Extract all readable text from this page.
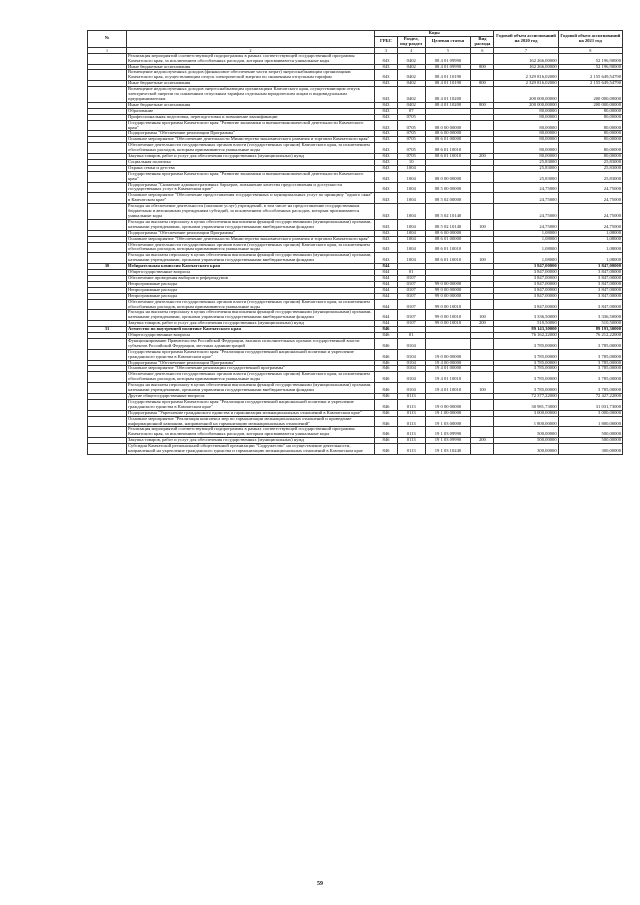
№		Коды				Годовой объем ассигнований на 2020 год	Годовой объем ассигнований на 2021 год
		ГРБС	Раздел, под-раздел	Целевая статья	Вид расхода		
1	2	3	4	5	6	7	8
	Реализация мероприятий соответствующей подпрограммы в рамках соответствующей государственной программы Камчатского края, за исключением обособленных расходов, которым присваиваются уникальные коды	843	0402	08 4 01 09990		162 266,00000	52 196,90000
	Иные бюджетные ассигнования	843	0402	08 4 01 09990	800	162 266,00000	52 196,90000
	Возмещение недополученных доходов (финансовое обеспечение части затрат) энергоснабжающим организациям Камчатского края, осуществляющим отпуск электрической энергии по сниженным отпускным тарифам	843	0402	08 4 01 10190		2 329 816,02000	2 155 649,54790
	Иные бюджетные ассигнования	843	0402	08 4 01 10190	800	2 329 816,02000	2 155 649,54790
	Возмещение недополученных доходов энергоснабжающим организациям Камчатского края, осуществляющим отпуск электрической энергии по сниженным отпускным тарифам отдельным юридическим лицам и индивидуальным предпринимателям	843	0402	08 4 01 10200		200 000,00000	200 000,00000
	Иные бюджетные ассигнования	843	0402	08 4 01 10200	800	200 000,00000	200 000,00000
	Образование	843	07			80,00000	80,00000
	Профессиональная подготовка, переподготовка и повышение квалификации	843	0705			80,00000	80,00000
	Государственная программа Камчатского края "Развитие экономики и внешнеэкономической деятельности Камчатского края"	843	0705	08 0 00 00000		80,00000	80,00000
	Подпрограмма "Обеспечение реализации Программы"	843	0705	08 6 00 00000		80,00000	80,00000
	Основное мероприятие "Обеспечение деятельности Министерства экономического развития и торговли Камчатского края"	843	0705	08 6 01 00000		80,00000	80,00000
	Обеспечение деятельности государственных органов власти (государственных органов) Камчатского края, за исключением обособленных расходов, которым присваиваются уникальные коды	843	0705	08 6 01 10010		80,00000	80,00000
	Закупка товаров, работ и услуг для обеспечения государственных (муниципальных) нужд	843	0705	08 6 01 10010	200	80,00000	80,00000
	Социальная политика	843	10			25,83000	25,83000
	Охрана семьи и детства	843	1004			25,83000	25,83000
	Государственная программа Камчатского края "Развитие экономики и внешнеэкономической деятельности Камчатского края"	843	1004	08 0 00 00000		25,83000	25,83000
	Подпрограмма "Снижение административных барьеров, повышение качества предоставления и доступности государственных услуг в Камчатском крае"	843	1004	08 5 00 00000		24,75000	24,75000
	Основное мероприятие "Обеспечение предоставления государственных и муниципальных услуг по принципу "одного окна" в Камчатском крае"	843	1004	08 5 02 00000		24,75000	24,75000
	Расходы на обеспечение деятельности (оказание услуг) учреждений, в том числе на предоставление государственным бюджетным и автономным учреждениям субсидий, за исключением обособленных расходов, которым присваиваются уникальные коды	843	1004	08 5 02 10140		24,75000	24,75000
	Расходы на выплаты персоналу в целях обеспечения выполнения функций государственными (муниципальными) органами, казенными учреждениями, органами управления государственными внебюджетными фондами	843	1004	08 5 02 10140	100	24,75000	24,75000
	Подпрограмма "Обеспечение реализации Программы"	843	1004	08 6 00 00000		1,08000	1,08000
	Основное мероприятие "Обеспечение деятельности Министерства экономического развития и торговли Камчатского края"	843	1004	08 6 01 00000		1,08000	1,08000
	Обеспечение деятельности государственных органов власти (государственных органов) Камчатского края, за исключением обособленных расходов, которым присваиваются уникальные коды	843	1004	08 6 01 10010		1,08000	1,08000
	Расходы на выплаты персоналу в целях обеспечения выполнения функций государственными (муниципальными) органами, казенными учреждениями, органами управления государственными внебюджетными фондами	843	1004	08 6 01 10010	100	1,08000	1,08000
30	Избирательная комиссия Камчатского края	844				3 847,00000	3 847,00000
	Общегосударственные вопросы	844	01			3 847,00000	3 847,00000
	Обеспечение проведения выборов и референдумов	844	0107			3 847,00000	3 847,00000
	Непрограммные расходы	844	0107	99 0 00 00000		3 847,00000	3 847,00000
	Непрограммные расходы	844	0107	99 0 00 00000		3 847,00000	3 847,00000
	Непрограммные расходы	844	0107	99 0 00 00000		3 847,00000	3 847,00000
	Обеспечение деятельности государственных органов власти (государственных органов) Камчатского края, за исключением обособленных расходов, которым присваиваются уникальные коды	844	0107	99 0 00 10010		3 847,00000	3 847,00000
	Расходы на выплаты персоналу в целях обеспечения выполнения функций государственными (муниципальными) органами, казенными учреждениями, органами управления государственными внебюджетными фондами	844	0107	99 0 00 10010	100	3 336,50000	3 336,50000
	Закупка товаров, работ и услуг для обеспечения государственных (муниципальных) нужд	844	0107	99 0 00 10010	200	510,50000	510,50000
31	Агентство по внутренней политике Камчатского края	846				89 143,30000	89 193,30000
	Общегосударственные вопросы	846	01			76 162,22000	76 212,22000
	Функционирование Правительства Российской Федерации, высших исполнительных органов государственной власти субъектов Российской Федерации, местных администраций	846	0104			3 785,00000	3 785,00000
	Государственная программа Камчатского края "Реализация государственной национальной политики и укрепление гражданского единства в Камчатском крае"	846	0104	19 0 00 00000		3 785,00000	3 785,00000
	Подпрограмма "Обеспечение реализации Программы"	846	0104	19 4 00 00000		3 785,00000	3 785,00000
	Основное мероприятие "Обеспечение реализации государственной программы"	846	0104	19 4 01 00000		3 785,00000	3 785,00000
	Обеспечение деятельности государственных органов власти (государственных органов) Камчатского края, за исключением обособленных расходов, которым присваиваются уникальные коды	846	0104	19 4 01 10010		3 785,00000	3 785,00000
	Расходы на выплаты персоналу в целях обеспечения выполнения функций государственными (муниципальными) органами, казенными учреждениями, органами управления государственными внебюджетными фондами	846	0104	19 4 01 10010	100	3 785,00000	3 785,00000
	Другие общегосударственные вопросы	846	0113			72 377,22000	72 427,22000
	Государственная программа Камчатского края "Реализация государственной национальной политики и укрепление гражданского единства в Камчатском крае"	846	0113	19 0 00 00000		30 981,73000	31 031,73000
	Подпрограмма "Укрепление гражданского единства и гармонизация межнациональных отношений в Камчатском крае"	846	0113	19 1 00 00000		3 000,00000	3 000,00000
	Основное мероприятие "Реализация комплекса мер по гармонизации межнациональных отношений и проведение информационной кампании, направленной на гармонизацию межнациональных отношений"	846	0113	19 1 03 00000		1 800,00000	1 800,00000
	Реализация мероприятий соответствующей подпрограммы в рамках соответствующей государственной программы Камчатского края, за исключением обособленных расходов, которым присваиваются уникальные коды	846	0113	19 1 03 09990		500,00000	500,00000
	Закупка товаров, работ и услуг для обеспечения государственных (муниципальных) нужд	846	0113	19 1 03 09990	200	500,00000	500,00000
	Субсидия Камчатской региональной общественной организации "Содружество" на осуществление деятельности, направленной на укрепление гражданского единства и гармонизацию межнациональных отношений в Камчатском крае	846	0113	19 1 03 10240		300,00000	300,00000
59
